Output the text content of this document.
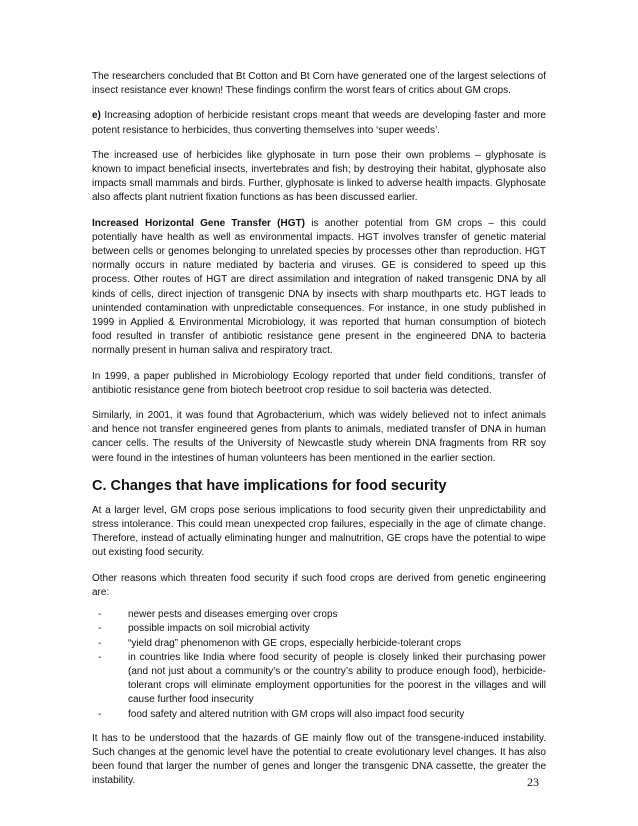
The researchers concluded that Bt Cotton and Bt Corn have generated one of the largest selections of insect resistance ever known! These findings confirm the worst fears of critics about GM crops.

e) Increasing adoption of herbicide resistant crops meant that weeds are developing faster and more potent resistance to herbicides, thus converting themselves into ‘super weeds’.

The increased use of herbicides like glyphosate in turn pose their own problems – glyphosate is known to impact beneficial insects, invertebrates and fish; by destroying their habitat, glyphosate also impacts small mammals and birds. Further, glyphosate is linked to adverse health impacts. Glyphosate also affects plant nutrient fixation functions as has been discussed earlier.

Increased Horizontal Gene Transfer (HGT) is another potential from GM crops – this could potentially have health as well as environmental impacts. HGT involves transfer of genetic material between cells or genomes belonging to unrelated species by processes other than reproduction. HGT normally occurs in nature mediated by bacteria and viruses. GE is considered to speed up this process. Other routes of HGT are direct assimilation and integration of naked transgenic DNA by all kinds of cells, direct injection of transgenic DNA by insects with sharp mouthparts etc. HGT leads to unintended contamination with unpredictable consequences. For instance, in one study published in 1999 in Applied & Environmental Microbiology, it was reported that human consumption of biotech food resulted in transfer of antibiotic resistance gene present in the engineered DNA to bacteria normally present in human saliva and respiratory tract.

In 1999, a paper published in Microbiology Ecology reported that under field conditions, transfer of antibiotic resistance gene from biotech beetroot crop residue to soil bacteria was detected.

Similarly, in 2001, it was found that Agrobacterium, which was widely believed not to infect animals and hence not transfer engineered genes from plants to animals, mediated transfer of DNA in human cancer cells. The results of the University of Newcastle study wherein DNA fragments from RR soy were found in the intestines of human volunteers has been mentioned in the earlier section.

C. Changes that have implications for food security

At a larger level, GM crops pose serious implications to food security given their unpredictability and stress intolerance. This could mean unexpected crop failures, especially in the age of climate change. Therefore, instead of actually eliminating hunger and malnutrition, GE crops have the potential to wipe out existing food security.

Other reasons which threaten food security if such food crops are derived from genetic engineering are:

-	newer pests and diseases emerging over crops
-	possible impacts on soil microbial activity
-	“yield drag” phenomenon with GE crops, especially herbicide-tolerant crops
-	in countries like India where food security of people is closely linked their purchasing power (and not just about a community’s or the country’s ability to produce enough food), herbicide-tolerant crops will eliminate employment opportunities for the poorest in the villages and will cause further food insecurity
-	food safety and altered nutrition with GM crops will also impact food security

It has to be understood that the hazards of GE mainly flow out of the transgene-induced instability. Such changes at the genomic level have the potential to create evolutionary level changes. It has also been found that larger the number of genes and longer the transgenic DNA cassette, the greater the instability.	23
